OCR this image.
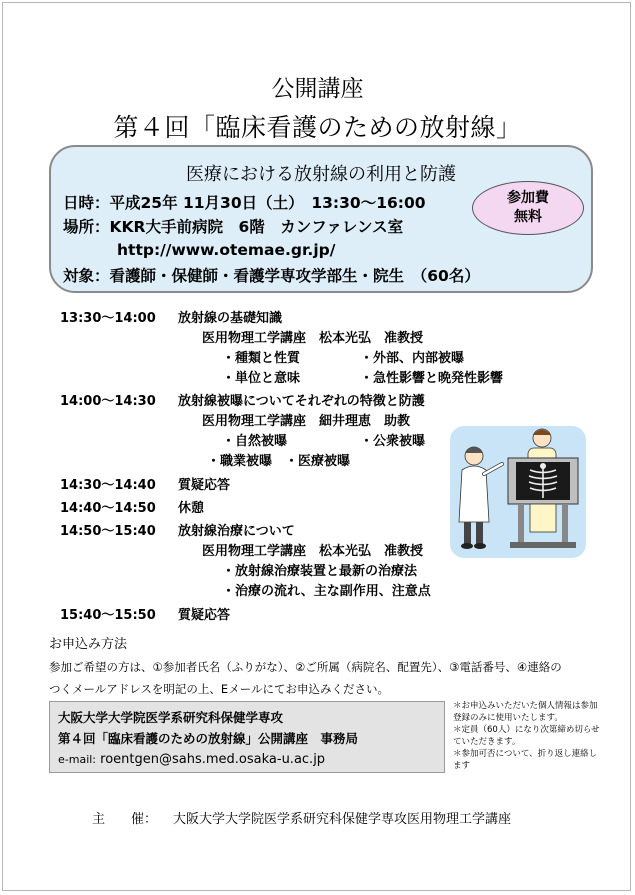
公開講座
第４回「臨床看護のための放射線」
医療における放射線の利用と防護
日時：平成25年 11月30日（土）　13:30～16:00
場所：KKR大手前病院　6階　カンファレンス室
http://www.otemae.gr.jp/
対象：看護師・保健師・看護学専攻学部生・院生　（60名）
参加費
無料
13:30～14:00 放射線の基礎知識
医用物理工学講座　松本光弘　准教授
・種類と性質	・外部、内部被曝
・単位と意味	・急性影響と晩発性影響
14:00～14:30 放射線被曝についてそれぞれの特徴と防護
医用物理工学講座　細井理恵　助教
・自然被曝	・公衆被曝
・職業被曝　・医療被曝
14:30～14:40 質疑応答
14:40～14:50 休憩
14:50～15:40 放射線治療について
医用物理工学講座　松本光弘　准教授
・放射線治療装置と最新の治療法
・治療の流れ、主な副作用、注意点
15:40～15:50 質疑応答
お申込み方法
参加ご希望の方は、①参加者氏名（ふりがな）、②ご所属（病院名、配置先）、③電話番号、④連絡の
つくメールアドレスを明記の上、Eメールにてお申込みください。
大阪大学大学院医学系研究科保健学専攻
第４回「臨床看護のための放射線」公開講座　事務局
e-mail: roentgen@sahs.med.osaka-u.ac.jp
＊お申込みいただいた個人情報は参加登録のみに使用いたします。
＊定員（60人）になり次第締め切らせていただきます。
＊参加可否について、折り返し連絡します
主　　催： 大阪大学大学院医学系研究科保健学専攻医用物理工学講座
